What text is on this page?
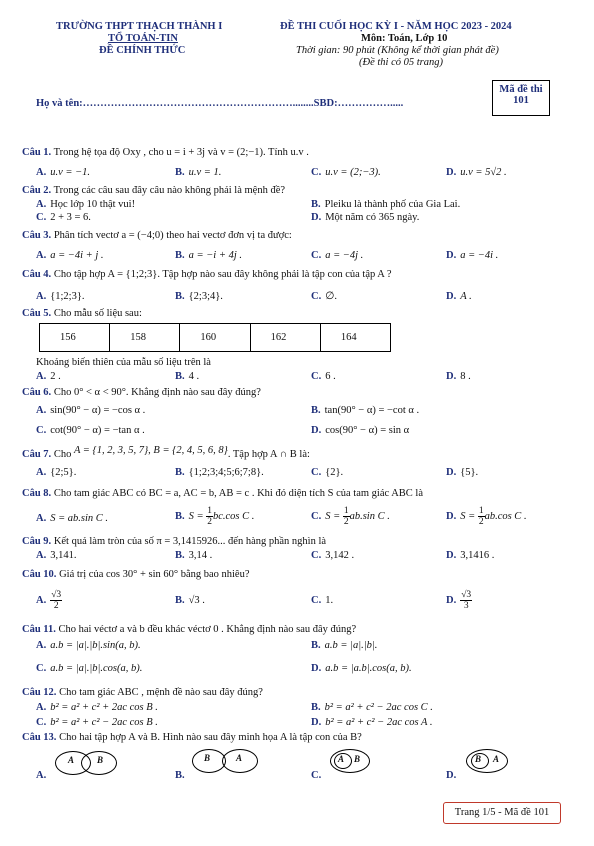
TRƯỜNG THPT THẠCH THÀNH I
TỔ TOÁN-TIN
ĐỀ CHÍNH THỨC
ĐỀ THI CUỐI HỌC KỲ I - NĂM HỌC 2023 - 2024
Môn: Toán, Lớp 10
Thời gian: 90 phút (Không kể thời gian phát đề)
(Đề thi có 05 trang)
Mã đề thi
101
Họ và tên:……………………………………………………........SBD:…………….....
Câu 1. Trong hệ tọa độ Oxy , cho u = i + 3j và v = (2;−1). Tính u.v .
A. u.v = −1.	B. u.v = 1.	C. u.v = (2;−3).	D. u.v = 5√2 .
Câu 2. Trong các câu sau đây câu nào không phải là mệnh đề?
A. Học lớp 10 thật vui!	B. Pleiku là thành phố của Gia Lai.
C. 2 + 3 = 6.	D. Một năm có 365 ngày.
Câu 3. Phân tích vectơ a = (−4;0) theo hai vectơ đơn vị ta được:
A. a = −4i + j .	B. a = −i + 4j .	C. a = −4j .	D. a = −4i .
Câu 4. Cho tập hợp A = {1;2;3}. Tập hợp nào sau đây không phải là tập con của tập A ?
A. {1;2;3}.	B. {2;3;4}.	C. ∅.	D. A .
Câu 5. Cho mẫu số liệu sau:
156	158	160	162	164
Khoảng biến thiên của mẫu số liệu trên là
A. 2 .	B. 4 .	C. 6 .	D. 8 .
Câu 6. Cho 0° < α < 90°. Khẳng định nào sau đây đúng?
A. sin(90° − α) = −cos α .	B. tan(90° − α) = −cot α .
C. cot(90° − α) = −tan α .	D. cos(90° − α) = sin α
Câu 7. Cho A = {1, 2, 3, 5, 7}, B = {2, 4, 5, 6, 8}. Tập hợp A ∩ B là:
A. {2;5}.	B. {1;2;3;4;5;6;7;8}.	C. {2}.	D. {5}.
Câu 8. Cho tam giác ABC có BC = a, AC = b, AB = c . Khi đó diện tích S của tam giác ABC là
A. S = ab.sin C .	B. $S = \frac{1}{2} bc.\cos$ C .	C. $S = \frac{1}{2} ab.\sin$ C .	D. $S = \frac{1}{2} ab.\cos$ C .
Câu 9. Kết quả làm tròn của số π = 3,1415926... đến hàng phần nghìn là
A. 3,141.	B. 3,14 .	C. 3,142 .	D. 3,1416 .
Câu 10. Giá trị của cos 30° + sin 60° bằng bao nhiêu?
A. $\frac{√3}{2}$	B. √3 .	C. 1.	D. $\frac{√3}{3}$
Câu 11. Cho hai véctơ a và b đều khác véctơ 0 . Khẳng định nào sau đây đúng?
A. a.b = |a|.|b|.sin(a, b).	B. a.b = |a|.|b|.
C. a.b = |a|.|b|.cos(a, b).	D. a.b = |a.b|.cos(a, b).
Câu 12. Cho tam giác ABC , mệnh đề nào sau đây đúng?
A. b² = a² + c² + 2ac cos B .	B. b² = a² + c² − 2ac cos C .
C. b² = a² + c² − 2ac cos B .	D. b² = a² + c² − 2ac cos A .
Câu 13. Cho hai tập hợp A và B. Hình nào sau đây minh họa A là tập con của B?
A.
A	B
B.
B	A
C.
A B
D.
B A
Trang 1/5 - Mã đề 101
